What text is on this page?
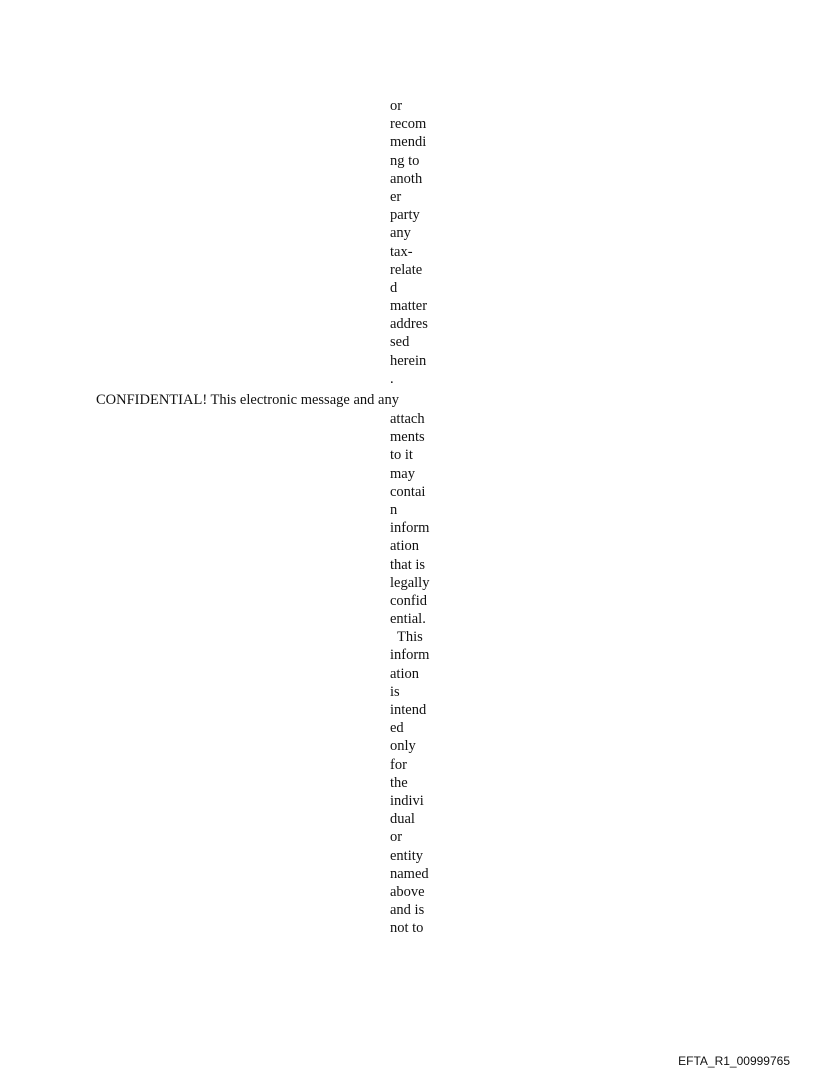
or
recom
mendi
ng to
anoth
er
party
any
tax-
relate
d
matter
addres
sed
herein
.
CONFIDENTIAL! This electronic message and any
attach
ments
to it
may
contai
n
inform
ation
that is
legally
confid
ential.
This
inform
ation
is
intend
ed
only
for
the
indivi
dual
or
entity
named
above
and is
not to
EFTA_R1_00999765
